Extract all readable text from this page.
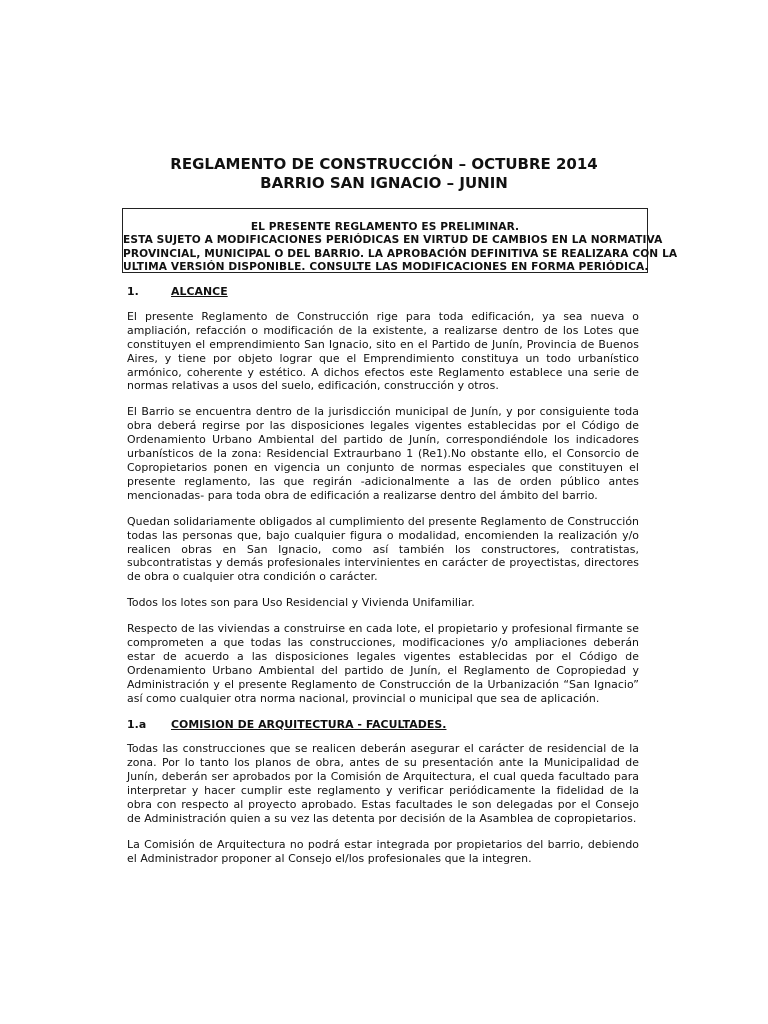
REGLAMENTO DE CONSTRUCCIÓN – OCTUBRE 2014
BARRIO SAN IGNACIO – JUNIN
EL PRESENTE REGLAMENTO ES PRELIMINAR.
ESTA SUJETO A MODIFICACIONES PERIÓDICAS EN VIRTUD DE CAMBIOS EN LA NORMATIVA
PROVINCIAL, MUNICIPAL O DEL BARRIO. LA APROBACIÓN DEFINITIVA SE REALIZARA CON LA
ULTIMA VERSIÓN DISPONIBLE. CONSULTE LAS MODIFICACIONES EN FORMA PERIÓDICA.
1.	ALCANCE

El presente Reglamento de Construcción rige para toda edificación, ya sea nueva o ampliación, refacción o modificación de la existente, a realizarse dentro de los Lotes que constituyen el emprendimiento San Ignacio, sito en el Partido de Junín, Provincia de Buenos Aires, y tiene por objeto lograr que el Emprendimiento constituya un todo urbanístico armónico, coherente y estético. A dichos efectos este Reglamento establece una serie de normas relativas a usos del suelo, edificación, construcción y otros.

El Barrio se encuentra dentro de la jurisdicción municipal de Junín, y por consiguiente toda obra deberá regirse por las disposiciones legales vigentes establecidas por el Código de Ordenamiento Urbano Ambiental del partido de Junín, correspondiéndole los indicadores urbanísticos de la zona: Residencial Extraurbano 1 (Re1).No obstante ello, el Consorcio de Copropietarios ponen en vigencia un conjunto de normas especiales que constituyen el presente reglamento, las que regirán -adicionalmente a las de orden público antes mencionadas- para toda obra de edificación a realizarse dentro del ámbito del barrio.

Quedan solidariamente obligados al cumplimiento del presente Reglamento de Construcción todas las personas que, bajo cualquier figura o modalidad, encomienden la realización y/o realicen obras en San Ignacio, como así también los constructores, contratistas, subcontratistas y demás profesionales intervinientes en carácter de proyectistas, directores de obra o cualquier otra condición o carácter.

Todos los lotes son para Uso Residencial y Vivienda Unifamiliar.

Respecto de las viviendas a construirse en cada lote, el propietario y profesional firmante se comprometen a que todas las construcciones, modificaciones y/o ampliaciones deberán estar de acuerdo a las disposiciones legales vigentes establecidas por el Código de Ordenamiento Urbano Ambiental del partido de Junín, el Reglamento de Copropiedad y Administración y el presente Reglamento de Construcción de la Urbanización “San Ignacio” así como cualquier otra norma nacional, provincial o municipal que sea de aplicación.

1.a	COMISION DE ARQUITECTURA - FACULTADES.

Todas las construcciones que se realicen deberán asegurar el carácter de residencial de la zona. Por lo tanto los planos de obra, antes de su presentación ante la Municipalidad de Junín, deberán ser aprobados por la Comisión de Arquitectura, el cual queda facultado para interpretar y hacer cumplir este reglamento y verificar periódicamente la fidelidad de la obra con respecto al proyecto aprobado. Estas facultades le son delegadas por el Consejo de Administración quien a su vez las detenta por decisión de la Asamblea de copropietarios.

La Comisión de Arquitectura no podrá estar integrada por propietarios del barrio, debiendo el Administrador proponer al Consejo el/los profesionales que la integren.
